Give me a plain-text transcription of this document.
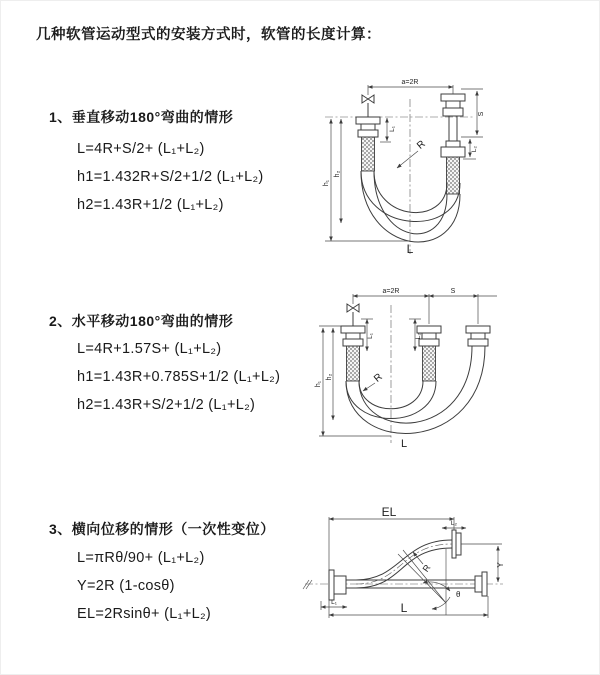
几种软管运动型式的安装方式时，软管的长度计算：
1、垂直移动180°弯曲的情形
L=4R+S/2+ (L₁+L₂)
h1=1.432R+S/2+1/2 (L₁+L₂)
h2=1.43R+1/2 (L₁+L₂)
2、水平移动180°弯曲的情形
L=4R+1.57S+ (L₁+L₂)
h1=1.43R+0.785S+1/2 (L₁+L₂)
h2=1.43R+S/2+1/2 (L₁+L₂)
3、横向位移的情形（一次性变位）
L=πRθ/90+ (L₁+L₂)
Y=2R (1-cosθ)
EL=2Rsinθ+ (L₁+L₂)
a=2R
h₁
h₂
L₁
S
L₂
R
L
a=2R	S
h₁
h₂
L₁	L₂
R
L
EL
L₂
Y
R
θ
L
L₁
